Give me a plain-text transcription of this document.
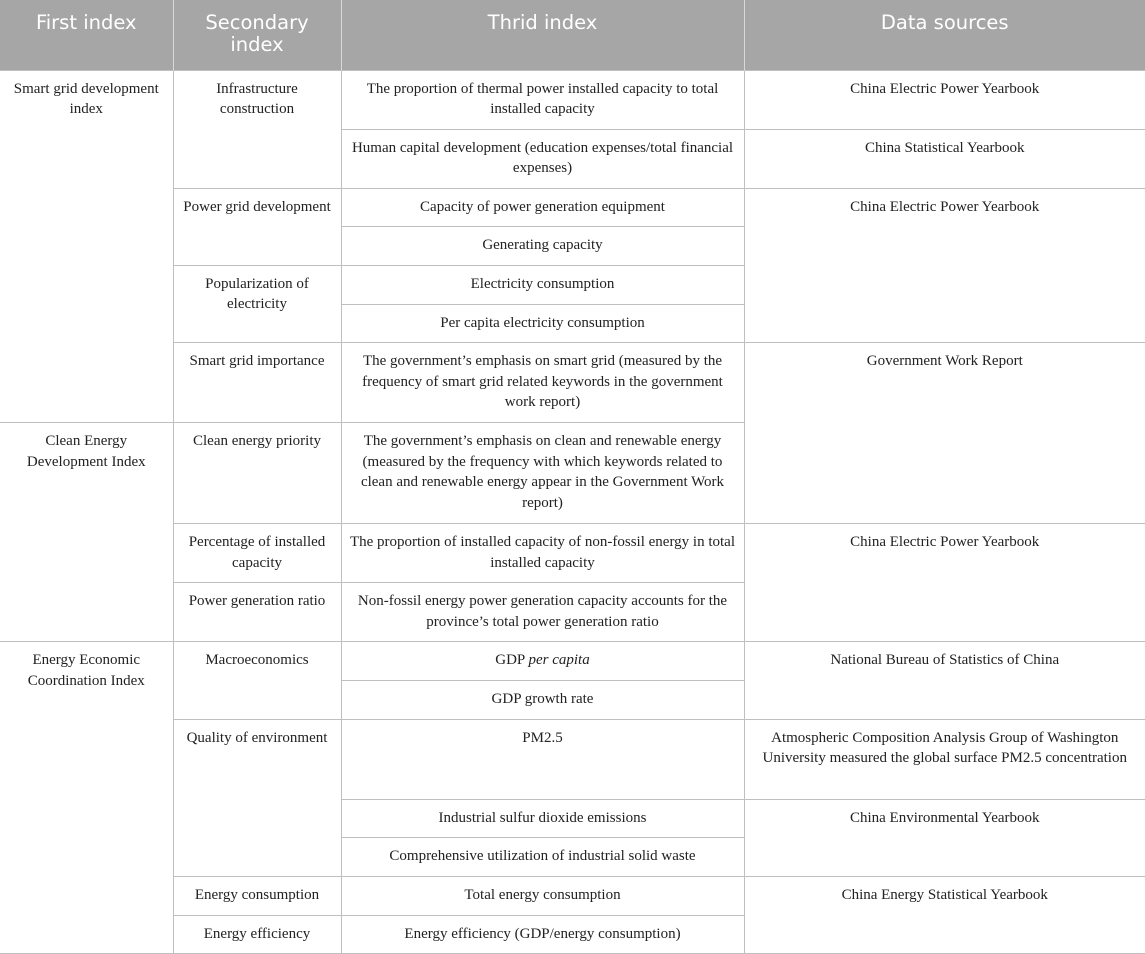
First index	Secondary index	Thrid index	Data sources
Smart grid development index	Infrastructure construction	The proportion of thermal power installed capacity to total installed capacity	China Electric Power Yearbook
		Human capital development (education expenses/total financial expenses)	China Statistical Yearbook
	Power grid development	Capacity of power generation equipment	China Electric Power Yearbook
		Generating capacity	
	Popularization of electricity	Electricity consumption	
		Per capita electricity consumption	
	Smart grid importance	The government’s emphasis on smart grid (measured by the frequency of smart grid related keywords in the government work report)	Government Work Report
Clean Energy Development Index	Clean energy priority	The government’s emphasis on clean and renewable energy (measured by the frequency with which keywords related to clean and renewable energy appear in the Government Work report)	
	Percentage of installed capacity	The proportion of installed capacity of non-fossil energy in total installed capacity	China Electric Power Yearbook
	Power generation ratio	Non-fossil energy power generation capacity accounts for the province’s total power generation ratio	
Energy Economic Coordination Index	Macroeconomics	GDP per capita	National Bureau of Statistics of China
		GDP growth rate	
	Quality of environment	PM2.5	Atmospheric Composition Analysis Group of Washington University measured the global surface PM2.5 concentration
		Industrial sulfur dioxide emissions	China Environmental Yearbook
		Comprehensive utilization of industrial solid waste	
	Energy consumption	Total energy consumption	China Energy Statistical Yearbook
	Energy efficiency	Energy efficiency (GDP/energy consumption)	
